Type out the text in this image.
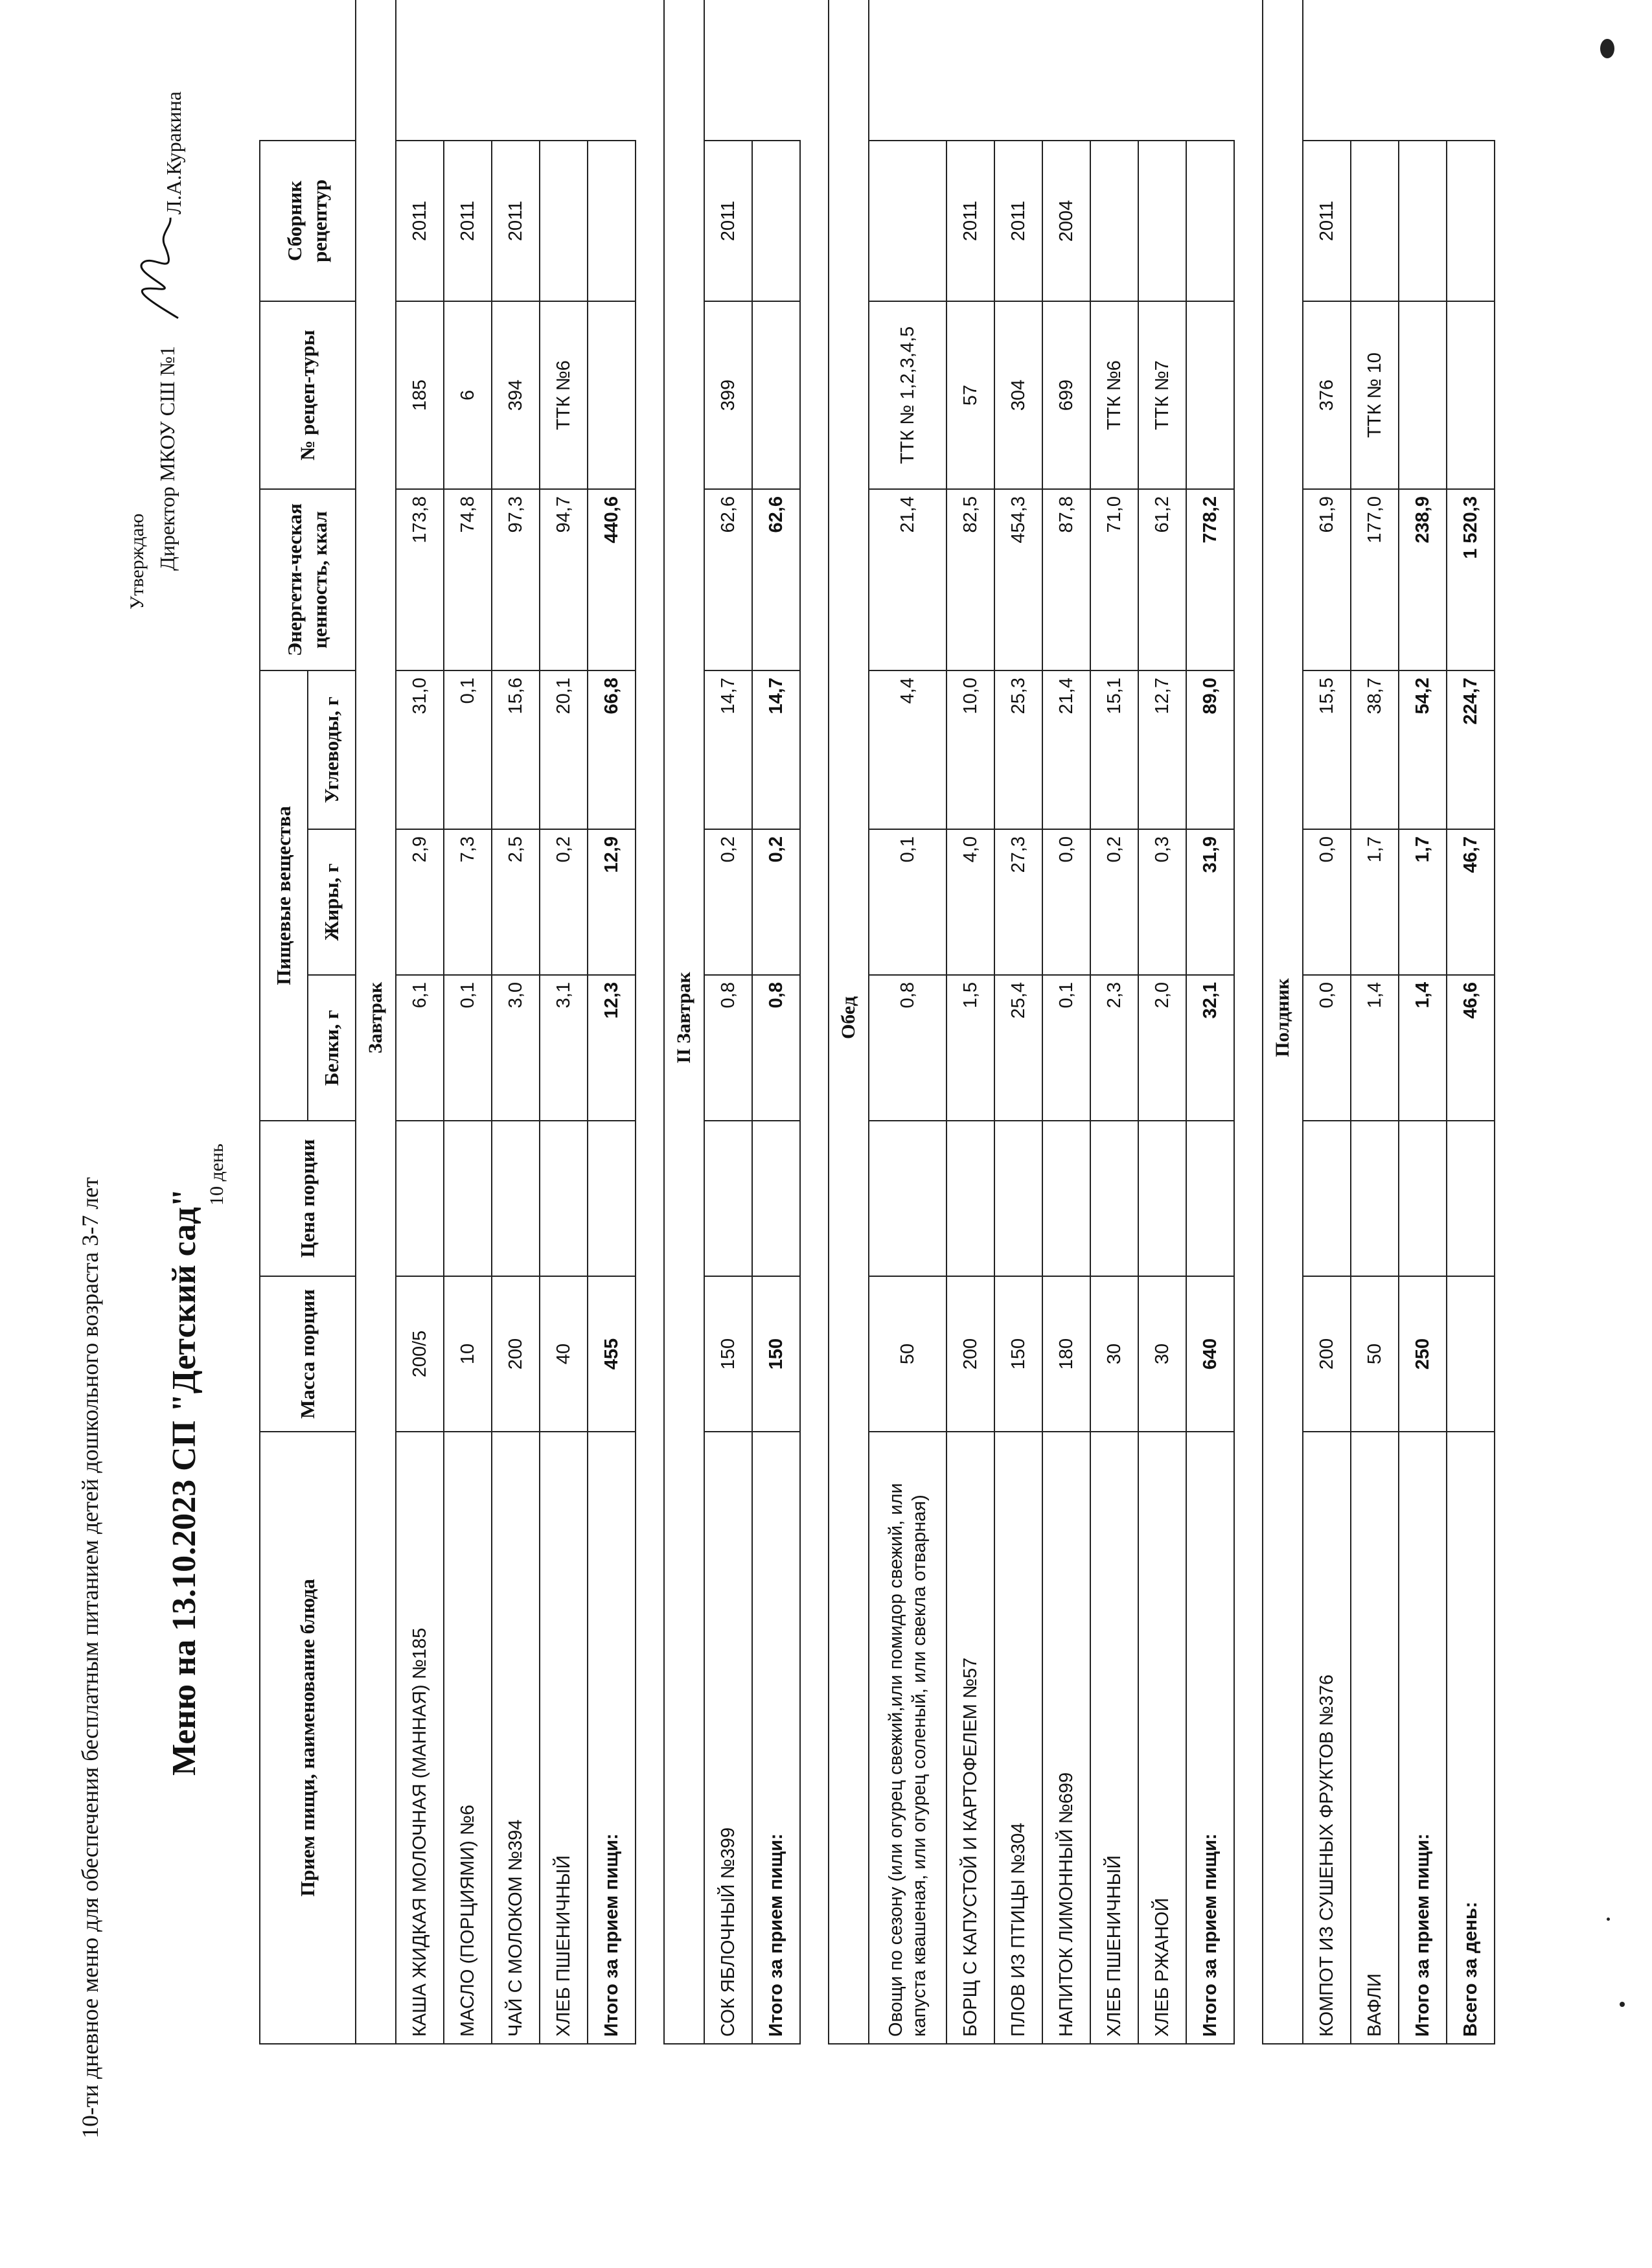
10-ти дневное меню для обеспечения бесплатным питанием детей дошкольного возраста 3-7 лет Меню на 13.10.2023 СП "Детский сад"
10 день
Утверждаю Директор МКОУ СШ №1
Л.А.Куракина
Прием пищи, наименование блюда	Масса порции	Цена порции	Пищевые вещества			Энергети-ческая ценность, ккал	№ рецеп-туры	Сборник рецептур
			Белки, г	Жиры, г	Углеводы, г			
Завтрак								
КАША ЖИДКАЯ МОЛОЧНАЯ (МАННАЯ) №185	200/5		6,1	2,9	31,0	173,8	185	2011
МАСЛО (ПОРЦИЯМИ) №6	10		0,1	7,3	0,1	74,8	6	2011
ЧАЙ С МОЛОКОМ №394	200		3,0	2,5	15,6	97,3	394	2011
ХЛЕБ ПШЕНИЧНЫЙ	40		3,1	0,2	20,1	94,7	ТТК №6	
Итого за прием пищи:	455		12,3	12,9	66,8	440,6		

II Завтрак								
СОК ЯБЛОЧНЫЙ №399	150		0,8	0,2	14,7	62,6	399	2011
Итого за прием пищи:	150		0,8	0,2	14,7	62,6		

Обед								
Овощи по сезону (или огурец свежий,или помидор свежий, или капуста квашеная, или огурец соленый, или свекла отварная)	50		0,8	0,1	4,4	21,4	ТТК № 1,2,3,4,5	
БОРЩ С КАПУСТОЙ И КАРТОФЕЛЕМ №57	200		1,5	4,0	10,0	82,5	57	2011
ПЛОВ ИЗ ПТИЦЫ №304	150		25,4	27,3	25,3	454,3	304	2011
НАПИТОК ЛИМОННЫЙ №699	180		0,1	0,0	21,4	87,8	699	2004
ХЛЕБ ПШЕНИЧНЫЙ	30		2,3	0,2	15,1	71,0	ТТК №6	
ХЛЕБ РЖАНОЙ	30		2,0	0,3	12,7	61,2	ТТК №7	
Итого за прием пищи:	640		32,1	31,9	89,0	778,2		

Полдник								
КОМПОТ ИЗ СУШЕНЫХ ФРУКТОВ №376	200		0,0	0,0	15,5	61,9	376	2011
ВАФЛИ	50		1,4	1,7	38,7	177,0	ТТК № 10	
Итого за прием пищи:	250		1,4	1,7	54,2	238,9		
Всего за день:			46,6	46,7	224,7	1 520,3		
